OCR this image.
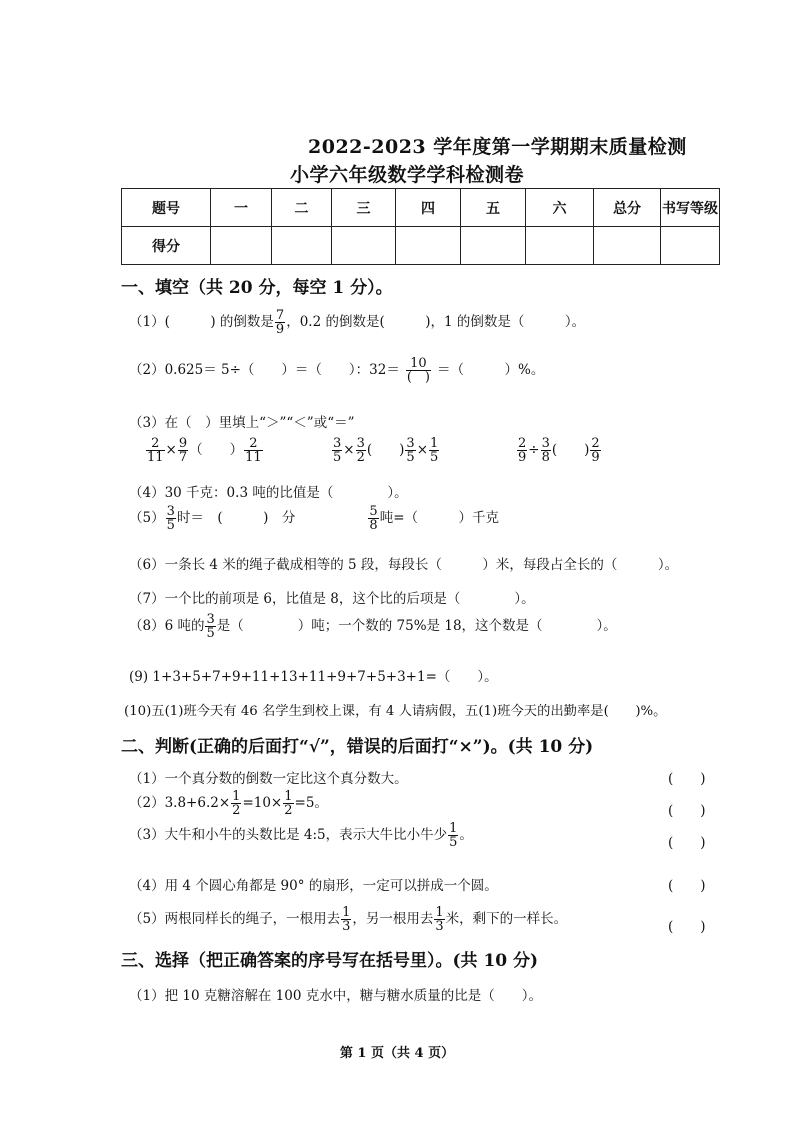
2022-2023 学年度第一学期期末质量检测
小学六年级数学学科检测卷
题号	一	二	三	四	五	六	总分	书写等级
得分								
一、填空（共 20 分，每空 1 分）。
（1）(　　　) 的倒数是 $\frac{7}{9}$ ，0.2 的倒数是(　　　)，1 的倒数是（　　　）。
（2）0.625＝ 5÷（　　）＝（　　）：$32= \frac{10}{( )}$ ＝（　　　）%。
（3）在（　）里填上“＞”“＜”或“＝”
$\frac{2}{11} \times \frac{9}{7}$ （　　） $\frac{2}{11}$	$\frac{3}{5} \times \frac{3}{2}$ (　　) $\frac{3}{5} \times \frac{1}{5}$	$\frac{2}{9} \div \frac{3}{8}$ (　　) $\frac{2}{9}$
（4）30 千克：0.3 吨的比值是（　　　　）。
$(5) \frac{3}{5}$ 时＝　(　　　)　分	$\frac{5}{8}$ 吨=（　　　）千克
（6）一条长 4 米的绳子截成相等的 5 段，每段长（　　　）米，每段占全长的（　　　）。
（7）一个比的前项是 6，比值是 8，这个比的后项是（　　　　）。
（8）6 吨的 $\frac{3}{5}$ 是（　　　　）吨；一个数的 75%是 18，这个数是（　　　　）。
(9) 1+3+5+7+9+11+13+11+9+7+5+3+1=（　　）。
(10)五(1)班今天有 46 名学生到校上课，有 4 人请病假，五(1)班今天的出勤率是(　　)%。
二、判断(正确的后面打“√”，错误的后面打“×”)。(共 10 分)
（1）一个真分数的倒数一定比这个真分数大。	(　　)
$(2)3.8+6.2\times \frac{1}{2} =10\times \frac{1}{2} =5$。	(　　)
（3）大牛和小牛的头数比是 4:5，表示大牛比小牛少 $\frac{1}{5}$ 。	(　　)
（4）用 4 个圆心角都是 90° 的扇形，一定可以拼成一个圆。	(　　)
（5）两根同样长的绳子，一根用去 $\frac{1}{3}$ ，另一根用去 $\frac{1}{3}$ 米，剩下的一样长。	(　　)
三、选择（把正确答案的序号写在括号里）。(共 10 分)
（1）把 10 克糖溶解在 100 克水中，糖与糖水质量的比是（　　）。
第 1 页（共 4 页）
